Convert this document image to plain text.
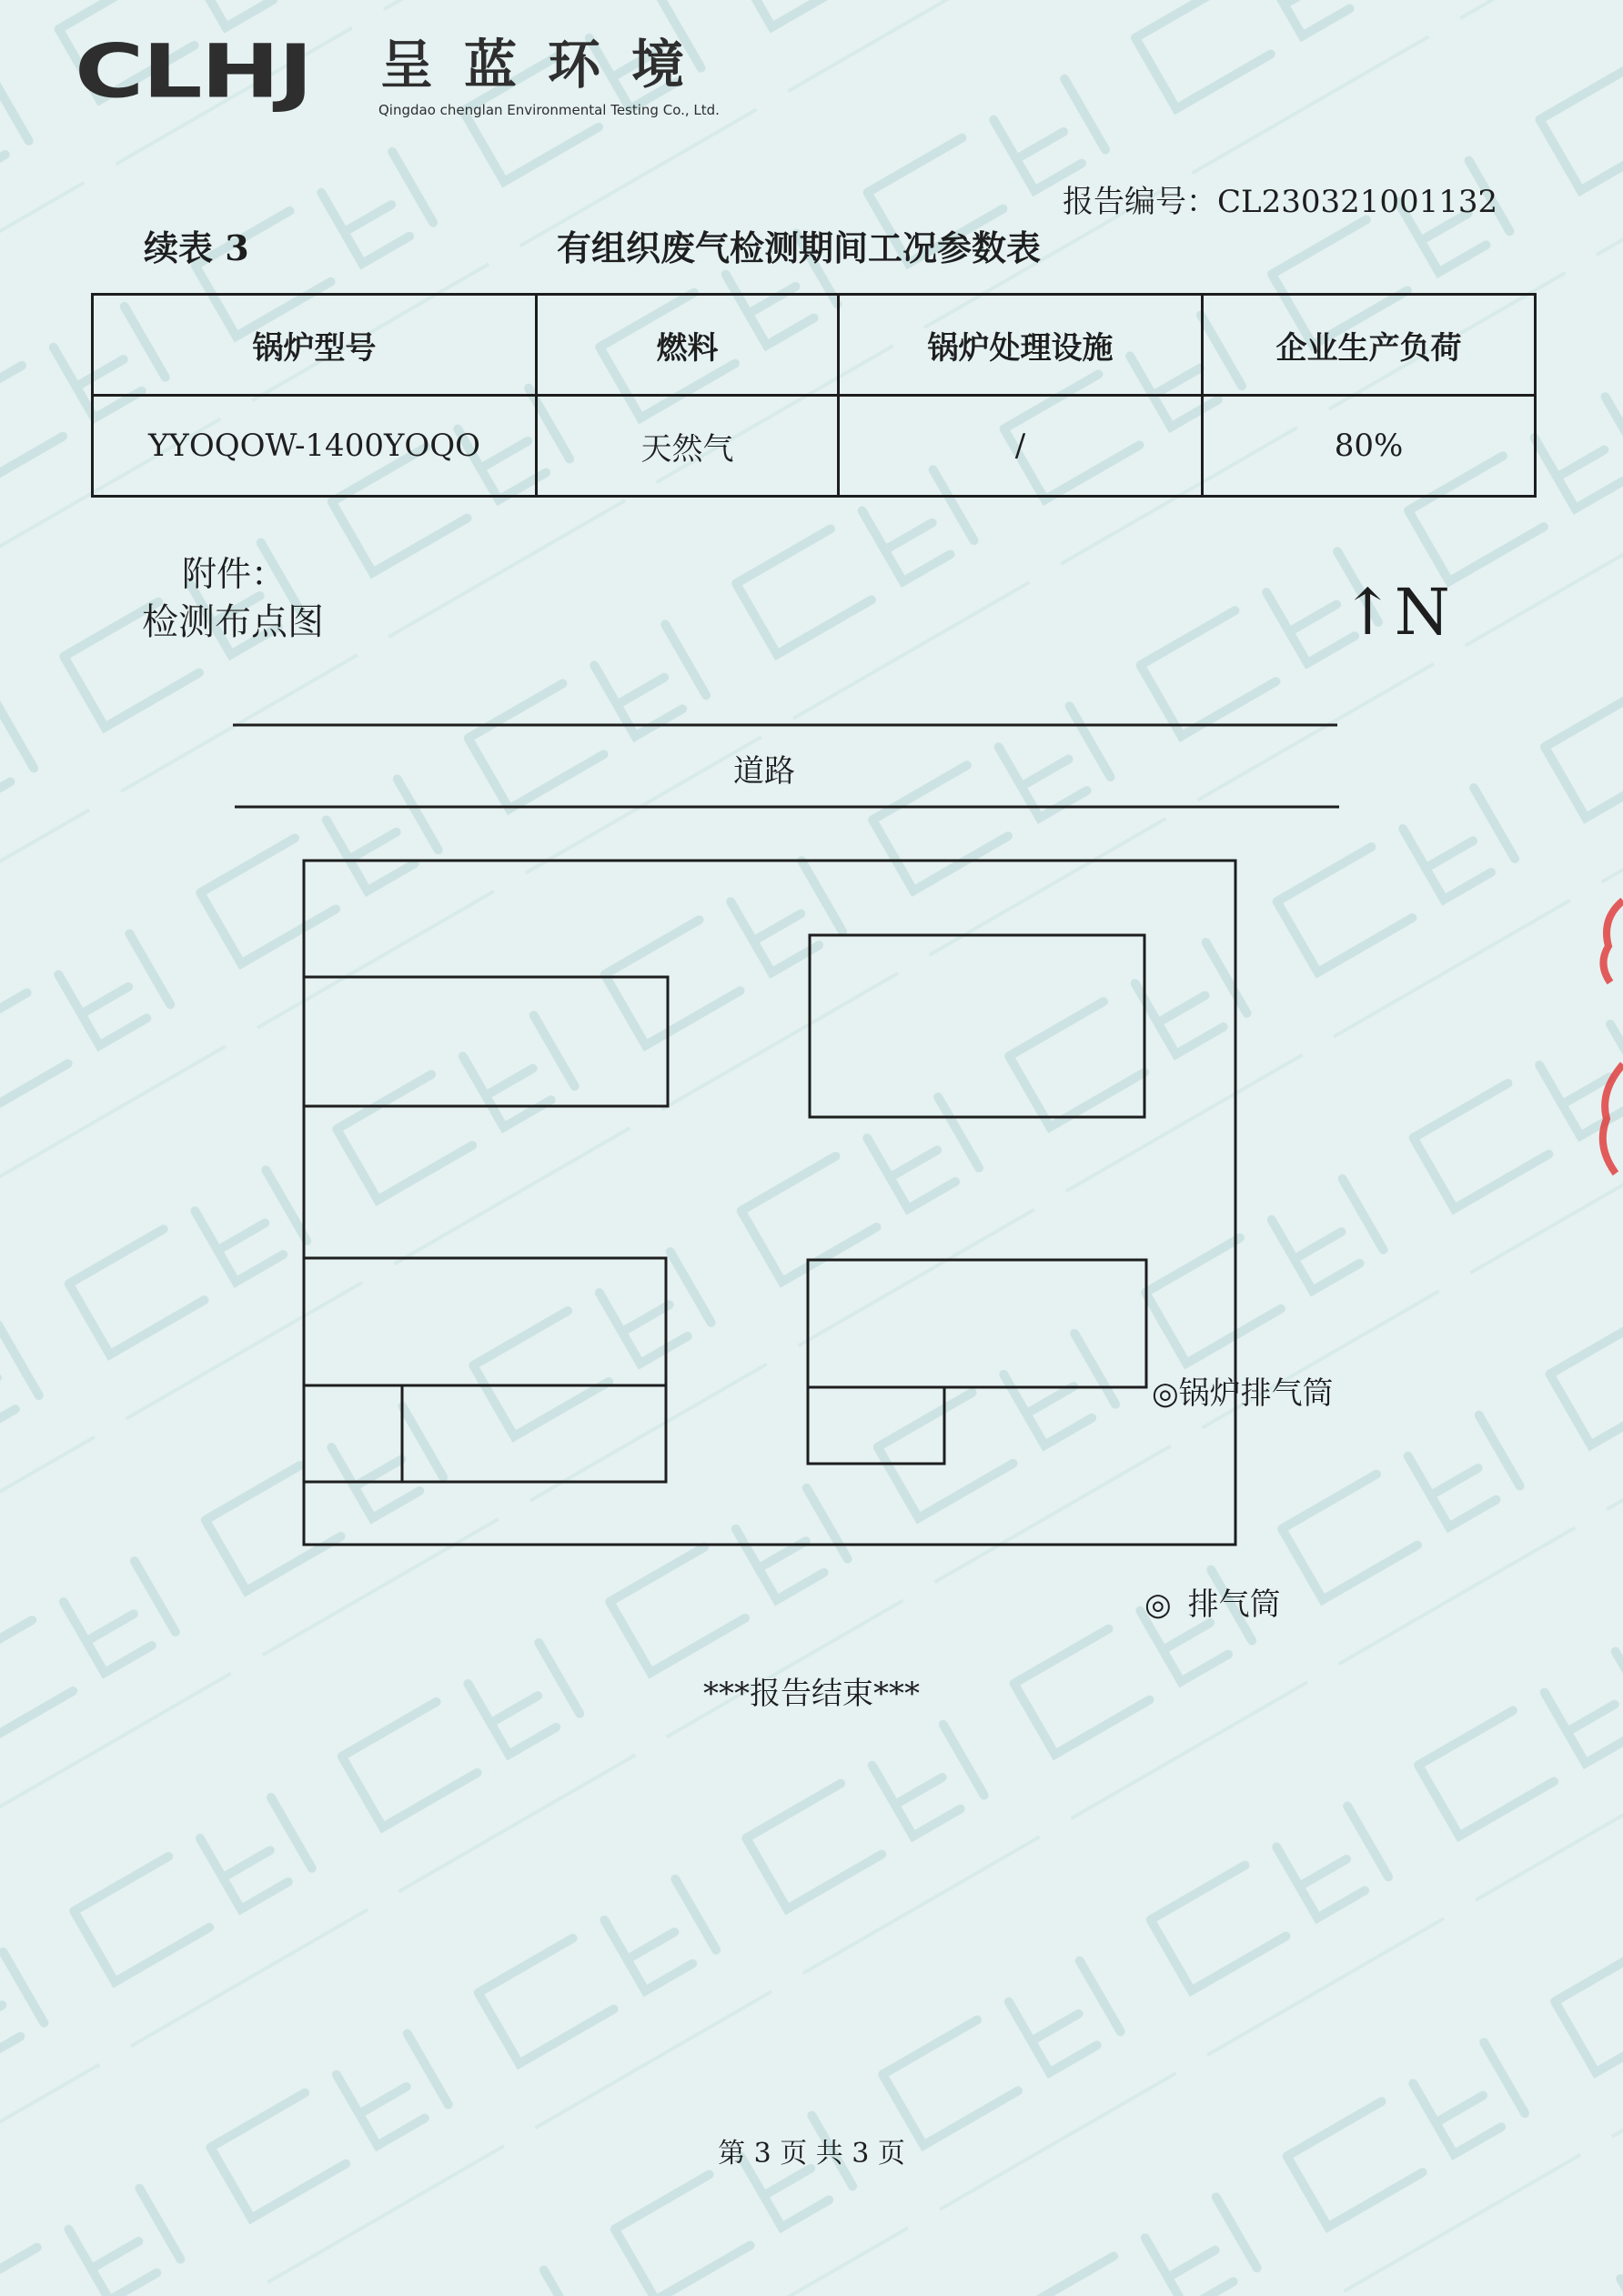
CLHJ 呈蓝环境
Qingdao chenglan Environmental Testing Co., Ltd.
报告编号：CL230321001132
续表 3	有组织废气检测期间工况参数表
锅炉型号	燃料	锅炉处理设施	企业生产负荷
YYOQOW-1400YOQO	天然气	/	80%
附件：
检测布点图	↑N
道路
◎锅炉排气筒
◎ 排气筒
***报告结束***
第 3 页 共 3 页
